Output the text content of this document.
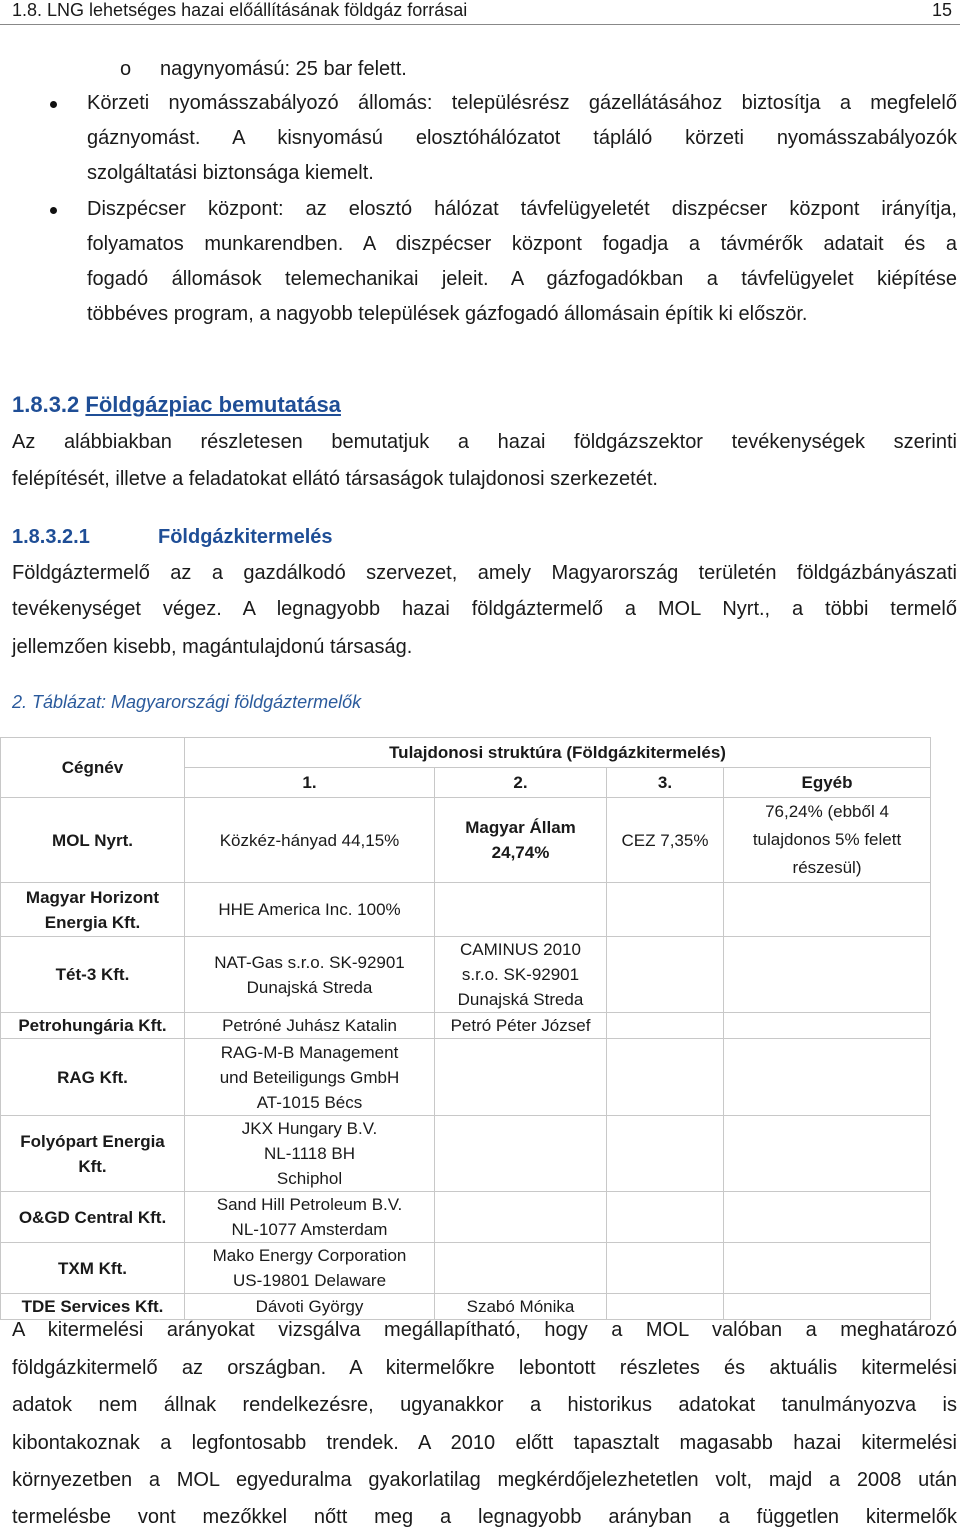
1.8. LNG lehetséges hazai előállításának földgáz forrásai	15
o nagynyomású: 25 bar felett.
Körzeti nyomásszabályozó állomás: településrész gázellátásához biztosítja a megfelelő
gáznyomást. A kisnyomású elosztóhálózatot tápláló körzeti nyomásszabályozók
szolgáltatási biztonsága kiemelt.
Diszpécser központ: az elosztó hálózat távfelügyeletét diszpécser központ irányítja,
folyamatos munkarendben. A diszpécser központ fogadja a távmérők adatait és a
fogadó állomások telemechanikai jeleit. A gázfogadókban a távfelügyelet kiépítése
többéves program, a nagyobb települések gázfogadó állomásain építik ki először.
1.8.3.2 Földgázpiac bemutatása
Az alábbiakban részletesen bemutatjuk a hazai földgázszektor tevékenységek szerinti
felépítését, illetve a feladatokat ellátó társaságok tulajdonosi szerkezetét.
1.8.3.2.1	Földgázkitermelés
Földgáztermelő az a gazdálkodó szervezet, amely Magyarország területén földgázbányászati
tevékenységet végez. A legnagyobb hazai földgáztermelő a MOL Nyrt., a többi termelő
jellemzően kisebb, magántulajdonú társaság.
2. Táblázat: Magyarországi földgáztermelők
Cégnév	Tulajdonosi struktúra (Földgázkitermelés)			
	1.	2.	3.	Egyéb
MOL Nyrt.	Közkéz-hányad 44,15%	Magyar Állam 24,74%	CEZ 7,35%	76,24% (ebből 4 tulajdonos 5% felett részesül)
Magyar Horizont Energia Kft.	HHE America Inc. 100%			
Tét-3 Kft.	NAT-Gas s.r.o. SK-92901 Dunajská Streda	CAMINUS 2010 s.r.o. SK-92901 Dunajská Streda		
Petrohungária Kft.	Petróné Juhász Katalin	Petró Péter József		
RAG Kft.	RAG-M-B Management und Beteiligungs GmbH AT-1015 Bécs			
Folyópart Energia Kft.	JKX Hungary B.V. NL-1118 BH Schiphol			
O&GD Central Kft.	Sand Hill Petroleum B.V. NL-1077 Amsterdam			
TXM Kft.	Mako Energy Corporation US-19801 Delaware			
TDE Services Kft.	Dávoti György	Szabó Mónika		
A kitermelési arányokat vizsgálva megállapítható, hogy a MOL valóban a meghatározó
földgázkitermelő az országban. A kitermelőkre lebontott részletes és aktuális kitermelési
adatok nem állnak rendelkezésre, ugyanakkor a historikus adatokat tanulmányozva is
kibontakoznak a legfontosabb trendek. A 2010 előtt tapasztalt magasabb hazai kitermelési
környezetben a MOL egyeduralma gyakorlatilag megkérdőjelezhetetlen volt, majd a 2008 után
termelésbe vont mezőkkel nőtt meg a legnagyobb arányban a független kitermelők
